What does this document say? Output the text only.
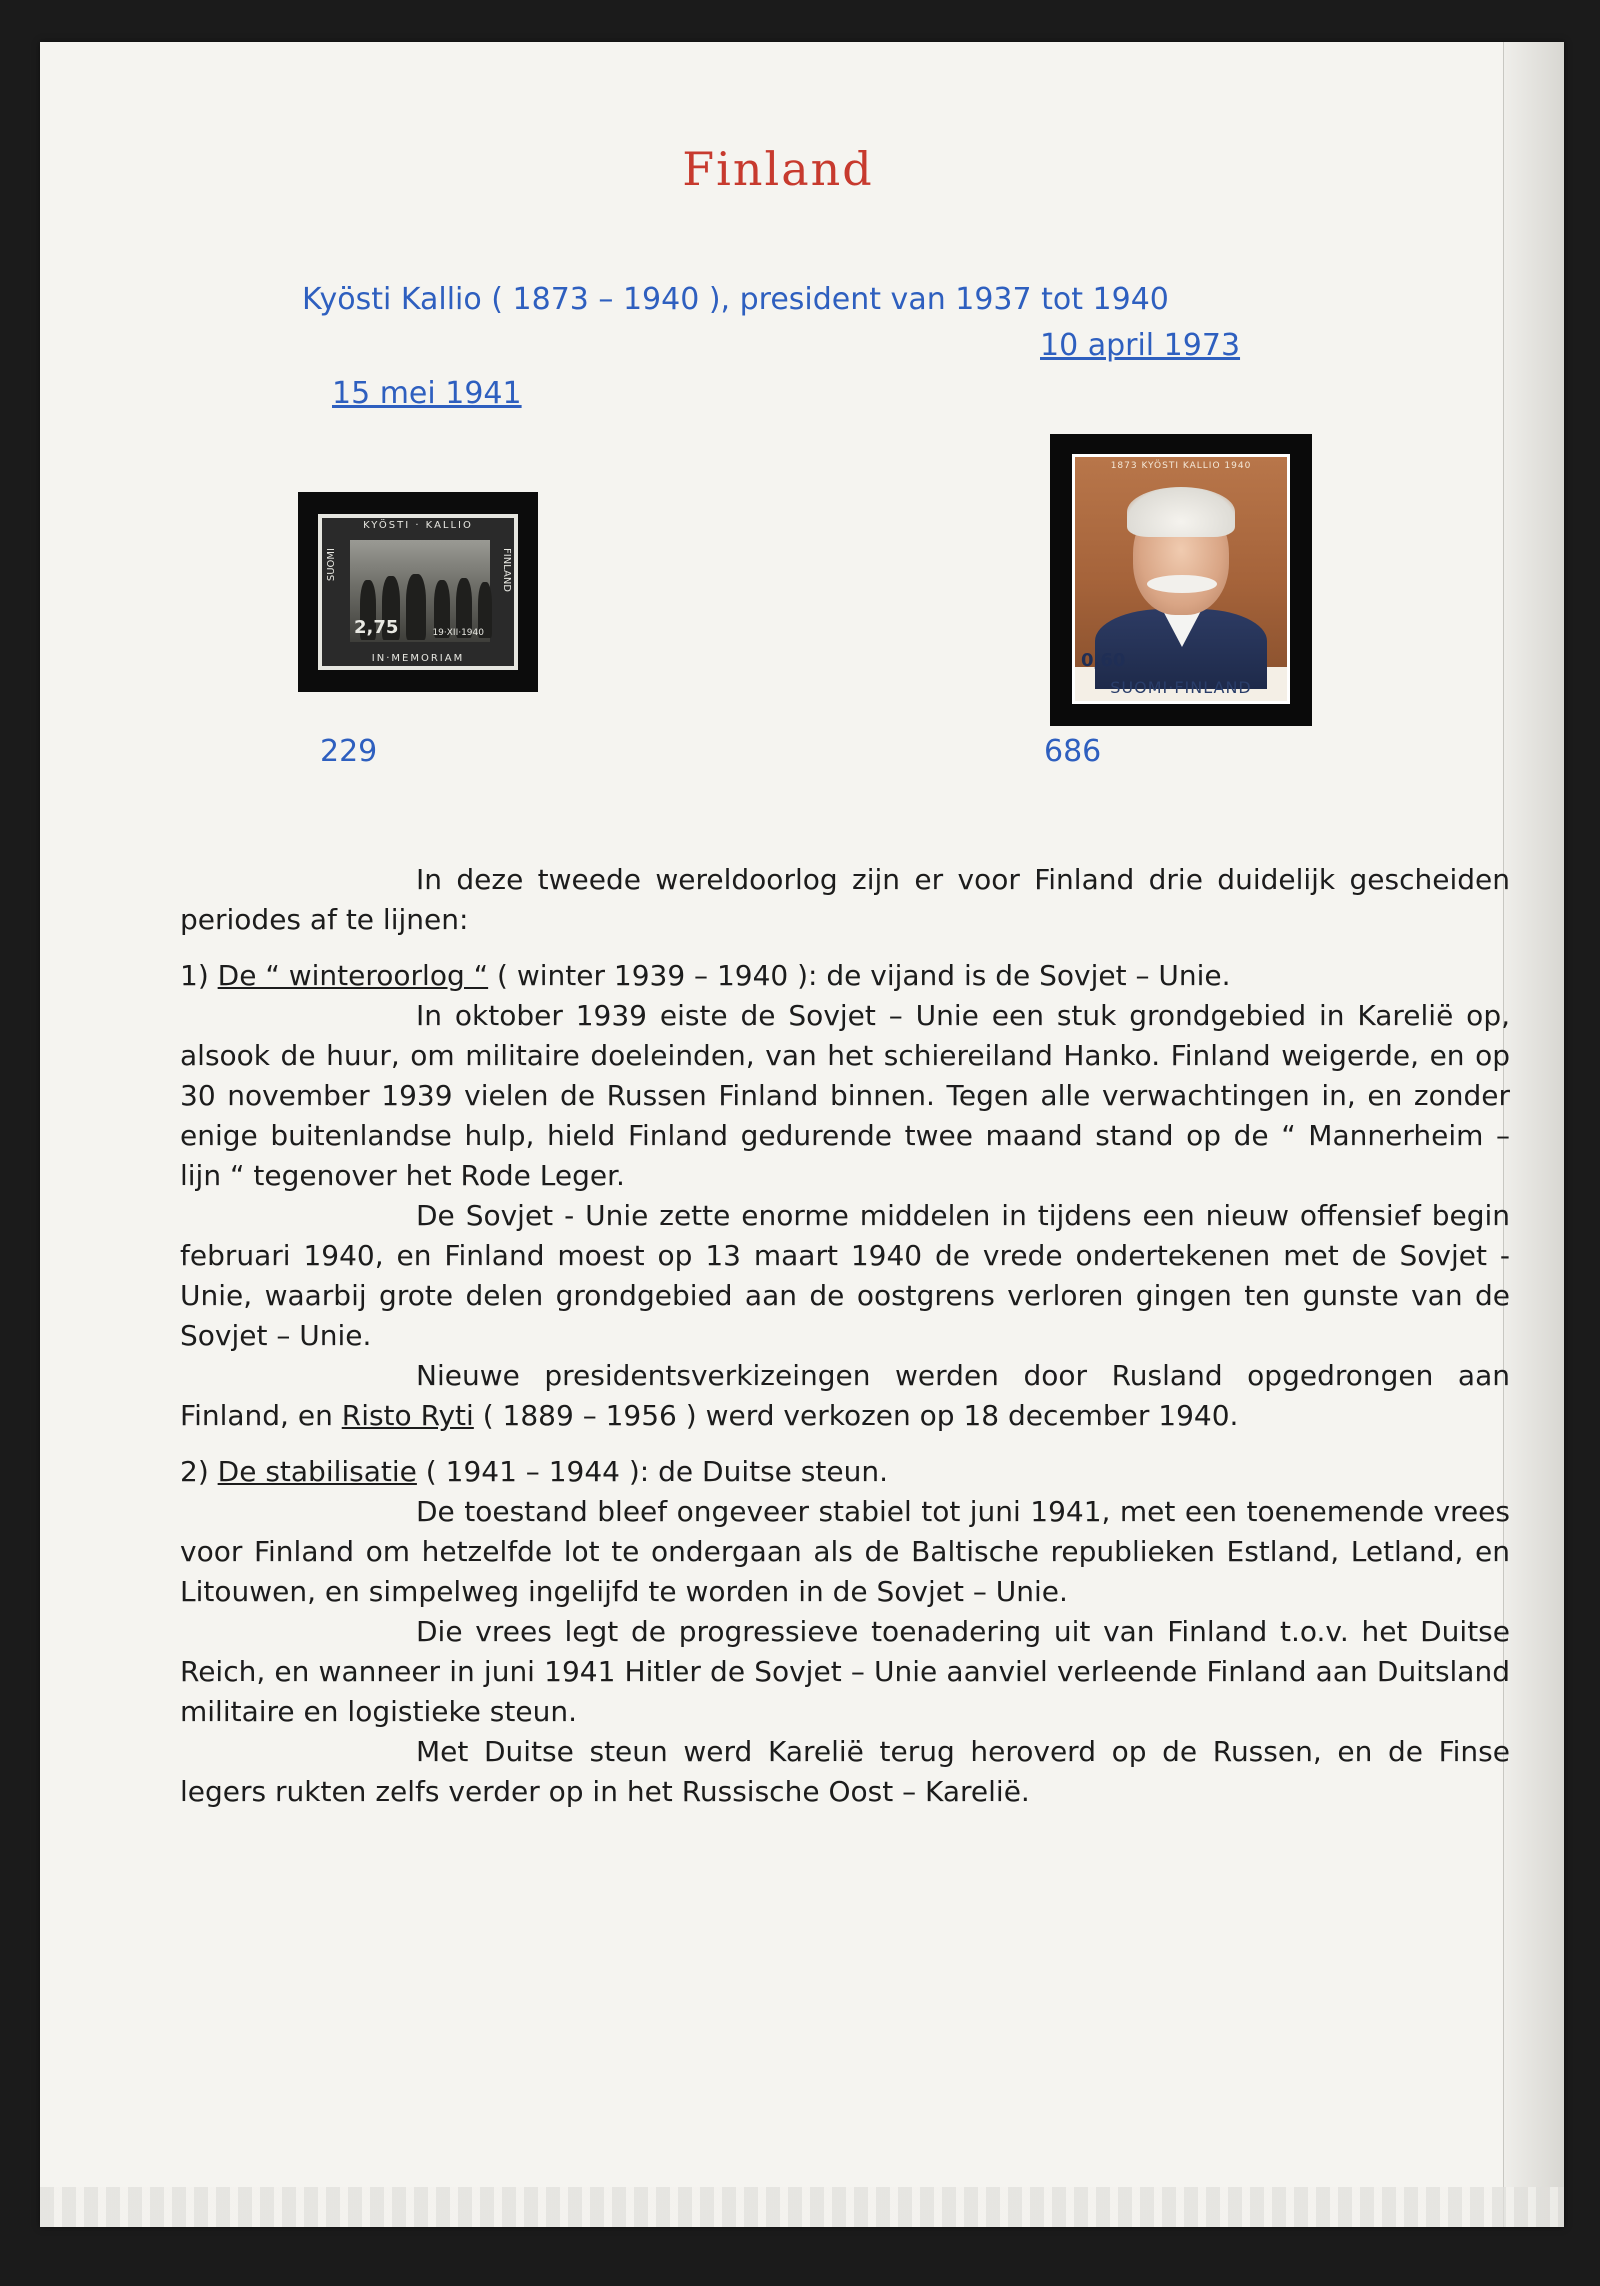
Finland
Kyösti Kallio ( 1873 – 1940 ), president van 1937 tot 1940
10 april 1973
15 mei 1941
KYÖSTI · KALLIO
IN·MEMORIAM
SUOMI	FINLAND
2,75	19·XII·1940
1873 KYÖSTI KALLIO 1940
0,60
SUOMI·FINLAND
229	686

In deze tweede wereldoorlog zijn er voor Finland drie duidelijk gescheiden periodes af te lijnen:

1) De “ winteroorlog “ ( winter 1939 – 1940 ): de vijand is de Sovjet – Unie.

In oktober 1939 eiste de Sovjet – Unie een stuk grondgebied in Karelië op, alsook de huur, om militaire doeleinden, van het schiereiland Hanko. Finland weigerde, en op 30 november 1939 vielen de Russen Finland binnen. Tegen alle verwachtingen in, en zonder enige buitenlandse hulp, hield Finland gedurende twee maand stand op de “ Mannerheim – lijn “ tegenover het Rode Leger.

De Sovjet - Unie zette enorme middelen in tijdens een nieuw offensief begin februari 1940, en Finland moest op 13 maart 1940 de vrede ondertekenen met de Sovjet - Unie, waarbij grote delen grondgebied aan de oostgrens verloren gingen ten gunste van de Sovjet – Unie.

Nieuwe presidentsverkizeingen werden door Rusland opgedrongen aan Finland, en Risto Ryti ( 1889 – 1956 ) werd verkozen op 18 december 1940.

2) De stabilisatie ( 1941 – 1944 ): de Duitse steun.

De toestand bleef ongeveer stabiel tot juni 1941, met een toenemende vrees voor Finland om hetzelfde lot te ondergaan als de Baltische republieken Estland, Letland, en Litouwen, en simpelweg ingelijfd te worden in de Sovjet – Unie.

Die vrees legt de progressieve toenadering uit van Finland t.o.v. het Duitse Reich, en wanneer in juni 1941 Hitler de Sovjet – Unie aanviel verleende Finland aan Duitsland militaire en logistieke steun.

Met Duitse steun werd Karelië terug heroverd op de Russen, en de Finse legers rukten zelfs verder op in het Russische Oost – Karelië.
